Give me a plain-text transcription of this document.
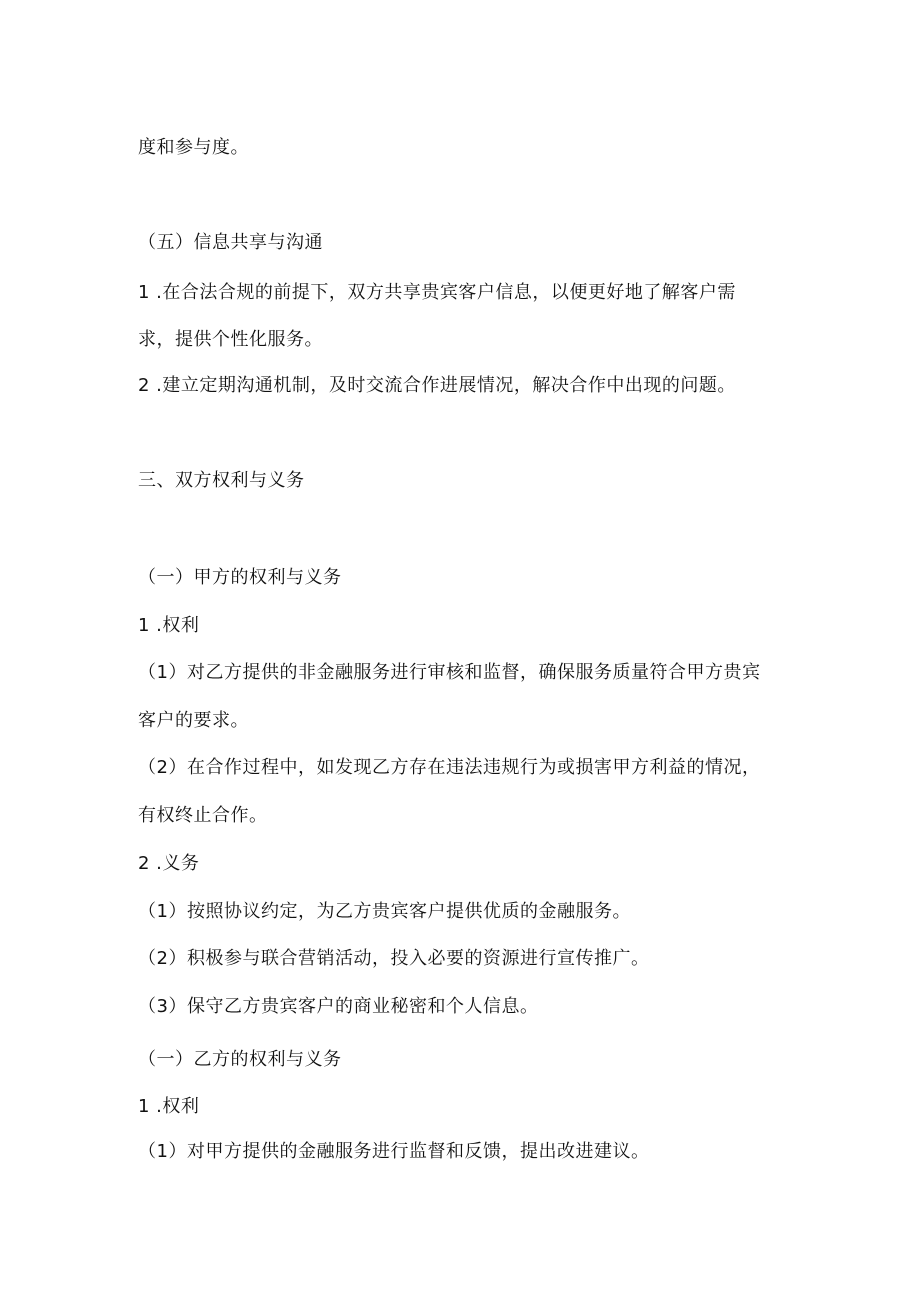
度和参与度。

（五）信息共享与沟通

1 .在合法合规的前提下，双方共享贵宾客户信息，以便更好地了解客户需

求，提供个性化服务。

2 .建立定期沟通机制，及时交流合作进展情况，解决合作中出现的问题。

三、双方权利与义务

（一）甲方的权利与义务

1 .权利

（1）对乙方提供的非金融服务进行审核和监督，确保服务质量符合甲方贵宾

客户的要求。

（2）在合作过程中，如发现乙方存在违法违规行为或损害甲方利益的情况，

有权终止合作。

2 .义务

（1）按照协议约定，为乙方贵宾客户提供优质的金融服务。

（2）积极参与联合营销活动，投入必要的资源进行宣传推广。

（3）保守乙方贵宾客户的商业秘密和个人信息。

（一）乙方的权利与义务

1 .权利

（1）对甲方提供的金融服务进行监督和反馈，提出改进建议。
